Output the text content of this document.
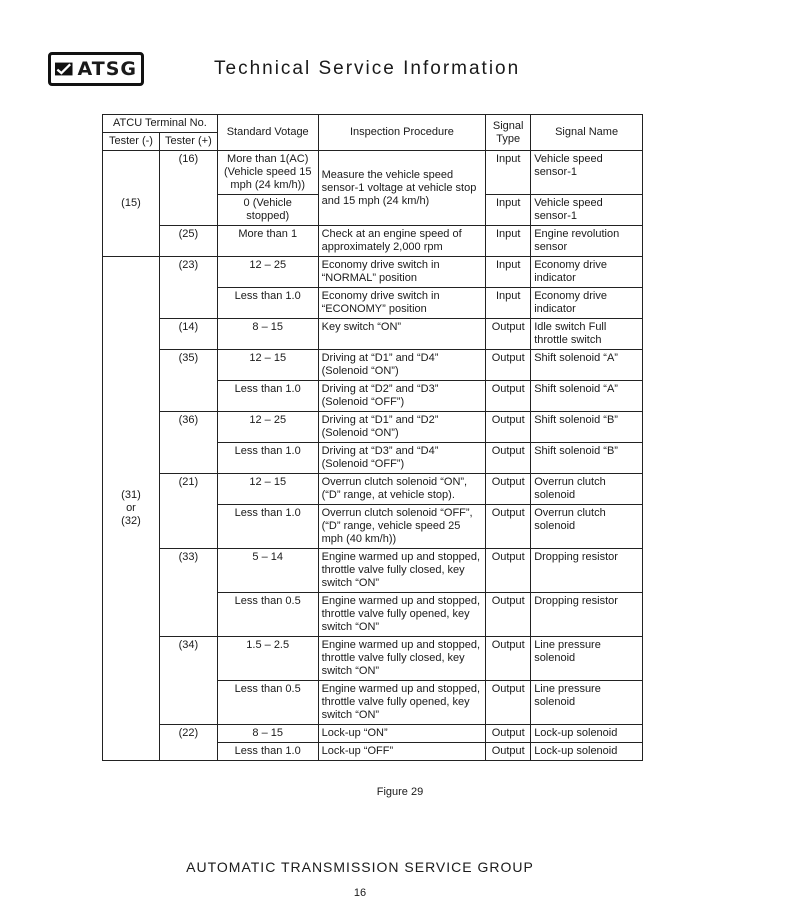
ATSG	Technical Service Information
ATCU Terminal No.		Standard Votage	Inspection Procedure	Signal Type	Signal Name
Tester (-)	Tester (+)				
(15)	(16)	More than 1(AC) (Vehicle speed 15 mph (24 km/h))	Measure the vehicle speed sensor-1 voltage at vehicle stop and 15 mph (24 km/h)	Input	Vehicle speed sensor-1
		0 (Vehicle stopped)		Input	Vehicle speed sensor-1
	(25)	More than 1	Check at an engine speed of approximately 2,000 rpm	Input	Engine revolution sensor

(31)
or
(32)	(23)	12 – 25	Economy drive switch in “NORMAL” position	Input	Economy drive indicator
		Less than 1.0	Economy drive switch in “ECONOMY” position	Input	Economy drive indicator
	(14)	8 – 15	Key switch “ON”	Output	Idle switch Full throttle switch
	(35)	12 – 15	Driving at “D1” and “D4” (Solenoid “ON”)	Output	Shift solenoid “A”
		Less than 1.0	Driving at “D2” and “D3” (Solenoid “OFF”)	Output	Shift solenoid “A”
	(36)	12 – 25	Driving at “D1” and “D2” (Solenoid “ON”)	Output	Shift solenoid “B”
		Less than 1.0	Driving at “D3” and “D4” (Solenoid “OFF”)	Output	Shift solenoid “B”
	(21)	12 – 15	Overrun clutch solenoid “ON”, (“D” range, at vehicle stop).	Output	Overrun clutch solenoid
		Less than 1.0	Overrun clutch solenoid “OFF”, (“D” range, vehicle speed 25 mph (40 km/h))	Output	Overrun clutch solenoid
	(33)	5 – 14	Engine warmed up and stopped, throttle valve fully closed, key switch “ON”	Output	Dropping resistor
		Less than 0.5	Engine warmed up and stopped, throttle valve fully opened, key switch “ON”	Output	Dropping resistor
	(34)	1.5 – 2.5	Engine warmed up and stopped, throttle valve fully closed, key switch “ON”	Output	Line pressure solenoid
		Less than 0.5	Engine warmed up and stopped, throttle valve fully opened, key switch “ON”	Output	Line pressure solenoid
	(22)	8 – 15	Lock-up “ON”	Output	Lock-up solenoid
		Less than 1.0	Lock-up “OFF”	Output	Lock-up solenoid
Figure 29
AUTOMATIC TRANSMISSION SERVICE GROUP
16
